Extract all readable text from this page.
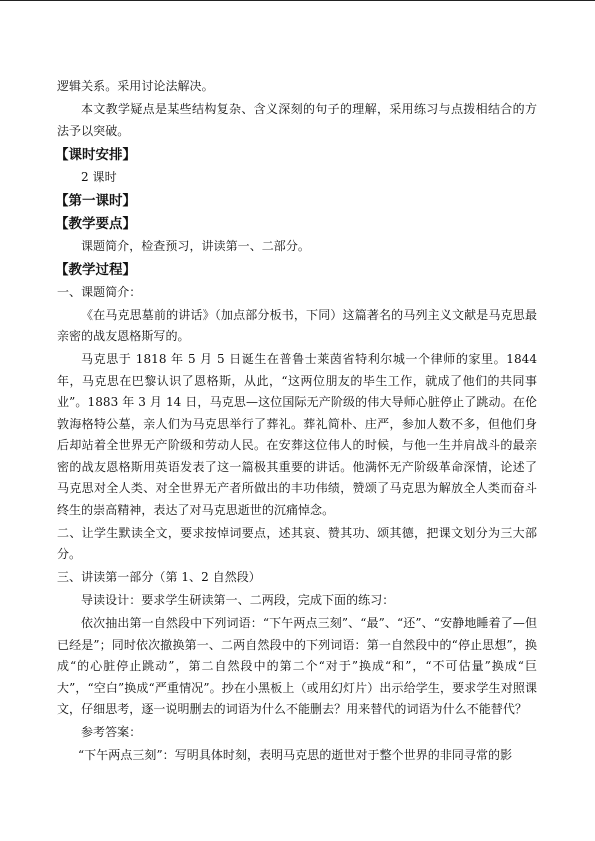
逻辑关系。采用讨论法解决。

本文教学疑点是某些结构复杂、含义深刻的句子的理解，采用练习与点拨相结合的方法予以突破。

【课时安排】

2 课时

【第一课时】
【教学要点】

课题简介，检查预习，讲读第一、二部分。

【教学过程】

一、课题简介：

《在马克思墓前的讲话》（加点部分板书，下同）这篇著名的马列主义文献是马克思最亲密的战友恩格斯写的。

马克思于 1818 年 5 月 5 日诞生在普鲁士莱茵省特利尔城一个律师的家里。1844 年，马克思在巴黎认识了恩格斯，从此，“这两位朋友的毕生工作，就成了他们的共同事业”。1883 年 3 月 14 日，马克思—这位国际无产阶级的伟大导师心脏停止了跳动。在伦敦海格特公墓，亲人们为马克思举行了葬礼。葬礼简朴、庄严，参加人数不多，但他们身后却站着全世界无产阶级和劳动人民。在安葬这位伟人的时候，与他一生并肩战斗的最亲密的战友恩格斯用英语发表了这一篇极其重要的讲话。他满怀无产阶级革命深情，论述了马克思对全人类、对全世界无产者所做出的丰功伟绩，赞颂了马克思为解放全人类而奋斗终生的崇高精神，表达了对马克思逝世的沉痛悼念。

二、让学生默读全文，要求按悼词要点，述其哀、赞其功、颂其德，把课文划分为三大部分。

三、讲读第一部分（第 1、2 自然段）

导读设计：要求学生研读第一、二两段，完成下面的练习：

依次抽出第一自然段中下列词语：“下午两点三刻”、“最”、“还”、“安静地睡着了—但已经是”；同时依次撤换第一、二两自然段中的下列词语：第一自然段中的“停止思想”，换成“的心脏停止跳动”，第二自然段中的第二个“对于”换成“和”，“不可估量”换成“巨大”，“空白”换成“严重情况”。抄在小黑板上（或用幻灯片）出示给学生，要求学生对照课文，仔细思考，逐一说明删去的词语为什么不能删去？用来替代的词语为什么不能替代？

参考答案：

“下午两点三刻”：写明具体时刻，表明马克思的逝世对于整个世界的非同寻常的影
